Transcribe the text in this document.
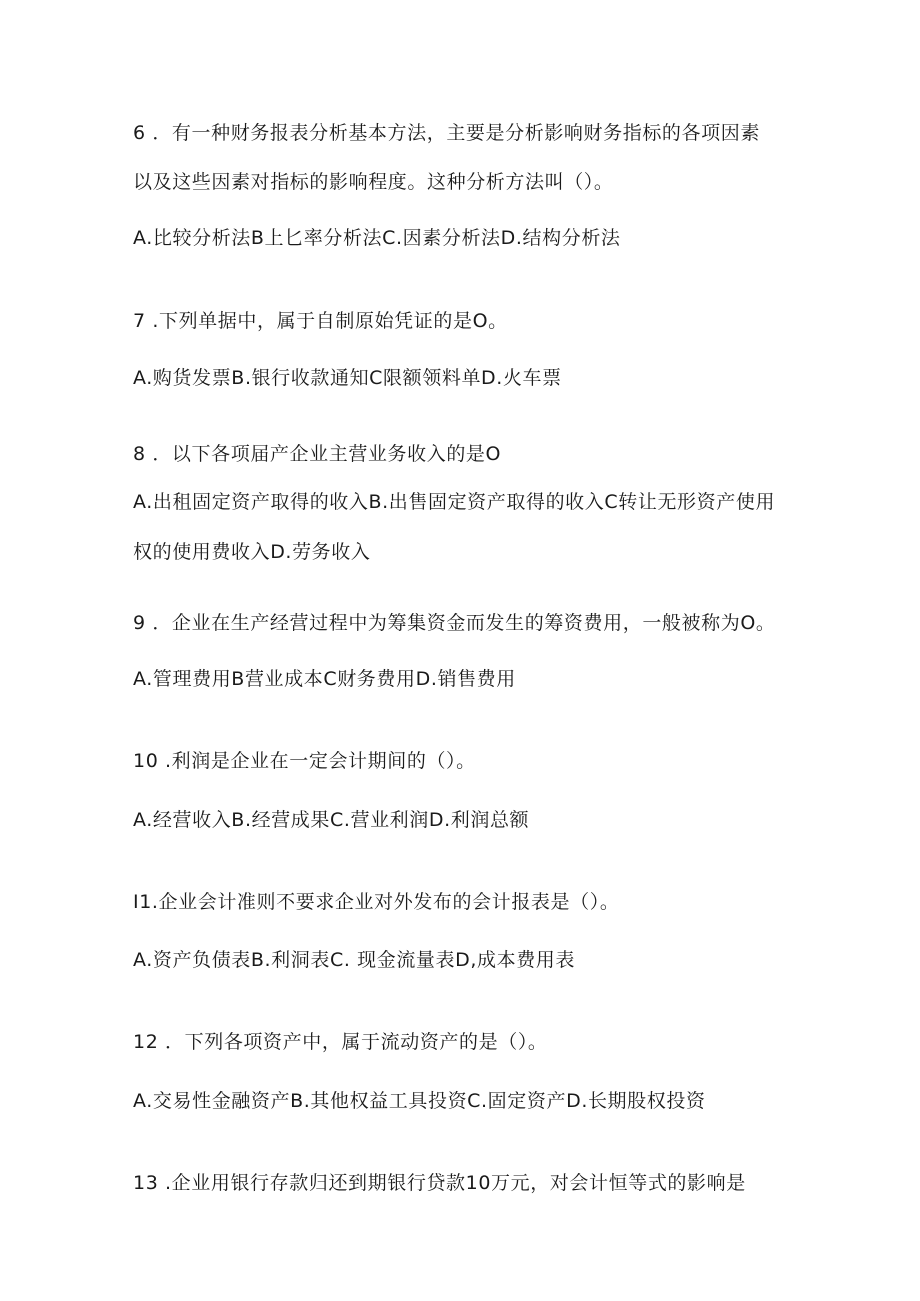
6 ．有一种财务报表分析基本方法，主要是分析影响财务指标的各项因素
以及这些因素对指标的影响程度。这种分析方法叫（）。
A.比较分析法B上匕率分析法C.因素分析法D.结构分析法
7 .下列单据中，属于自制原始凭证的是O。
A.购货发票B.银行收款通知C限额领料单D.火车票
8 ．以下各项届产企业主营业务收入的是O
A.出租固定资产取得的收入B.出售固定资产取得的收入C转让无形资产使用
权的使用费收入D.劳务收入
9 ．企业在生产经营过程中为筹集资金而发生的筹资费用，一般被称为O。
A.管理费用B营业成本C财务费用D.销售费用
10 .利润是企业在一定会计期间的（）。
A.经营收入B.经营成果C.营业利润D.利润总额
I1.企业会计准则不要求企业对外发布的会计报表是（）。
A.资产负债表B.利洞表C. 现金流量表D,成本费用表
12 ．下列各项资产中，属于流动资产的是（）。
A.交易性金融资产B.其他权益工具投资C.固定资产D.长期股权投资
13 .企业用银行存款归还到期银行贷款10万元，对会计恒等式的影响是
